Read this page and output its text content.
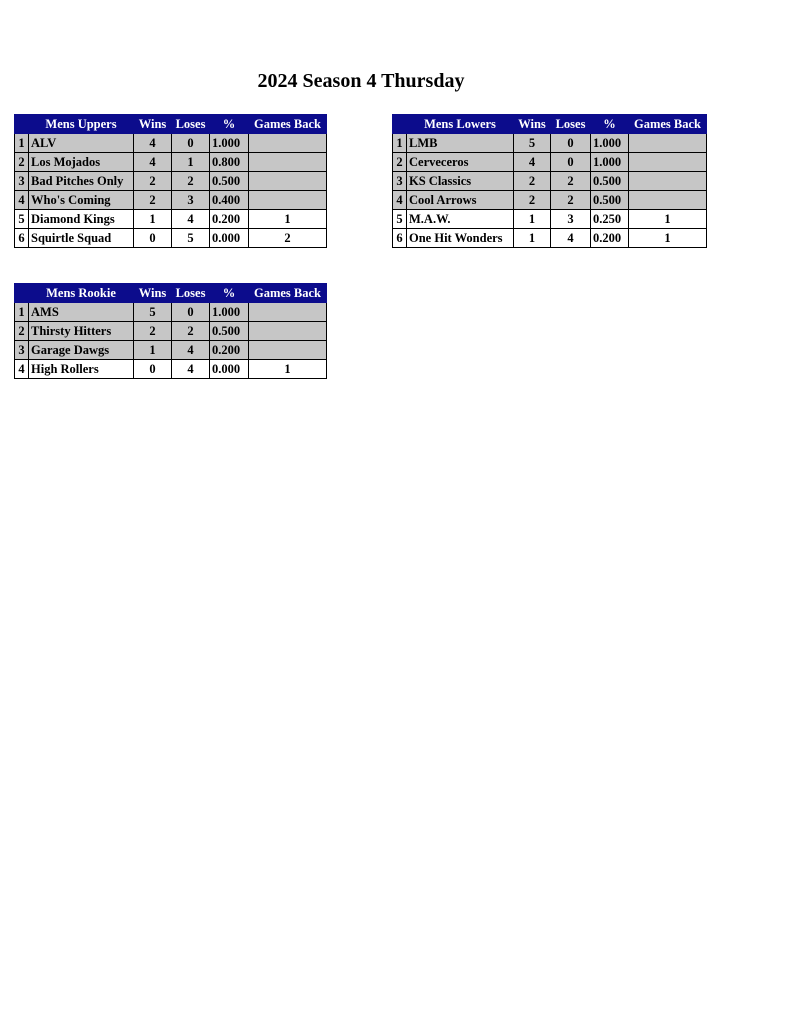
2024 Season 4 Thursday
	Mens Uppers	Wins	Loses	%	Games Back
1	ALV	4	0	1.000	
2	Los Mojados	4	1	0.800	
3	Bad Pitches Only	2	2	0.500	
4	Who's Coming	2	3	0.400	
5	Diamond Kings	1	4	0.200	1
6	Squirtle Squad	0	5	0.000	2
	Mens Lowers	Wins	Loses	%	Games Back
1	LMB	5	0	1.000	
2	Cerveceros	4	0	1.000	
3	KS Classics	2	2	0.500	
4	Cool Arrows	2	2	0.500	
5	M.A.W.	1	3	0.250	1
6	One Hit Wonders	1	4	0.200	1
	Mens Rookie	Wins	Loses	%	Games Back
1	AMS	5	0	1.000	
2	Thirsty Hitters	2	2	0.500	
3	Garage Dawgs	1	4	0.200	
4	High Rollers	0	4	0.000	1
